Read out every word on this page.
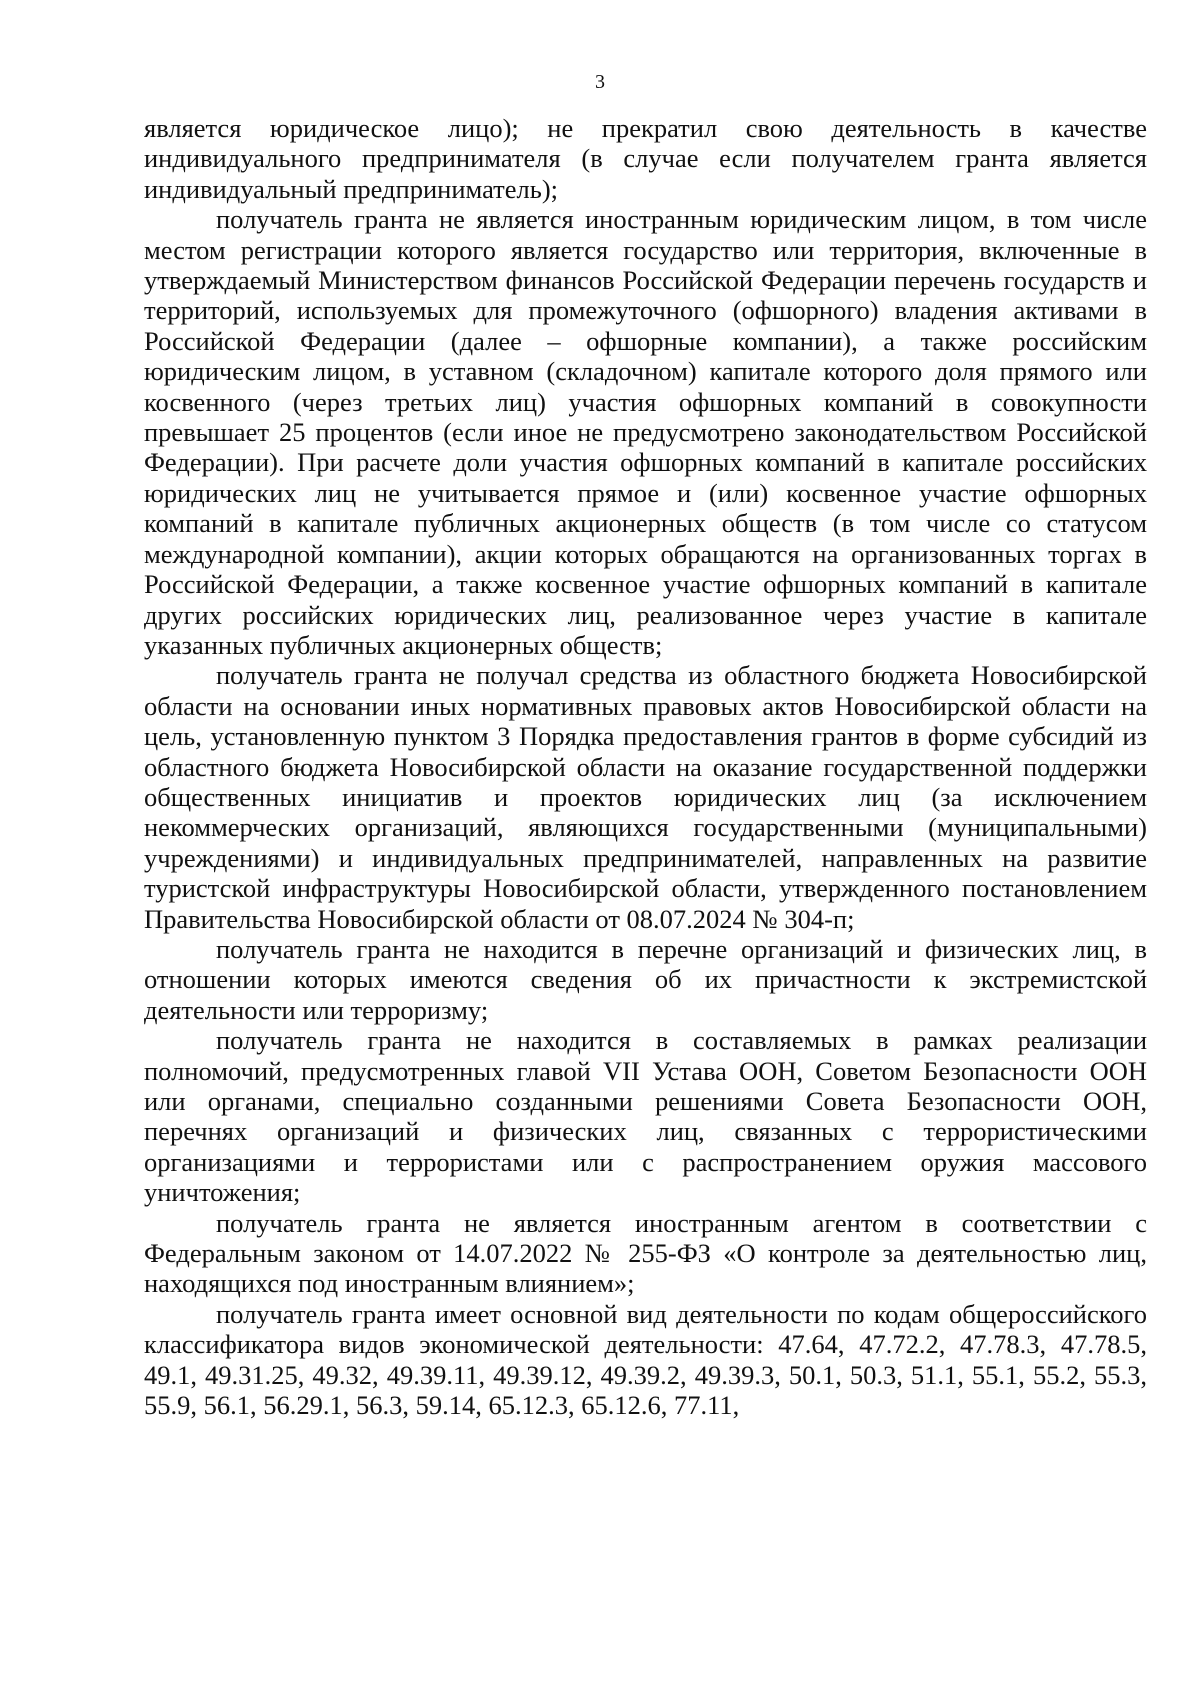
3

является юридическое лицо); не прекратил свою деятельность в качестве индивидуального предпринимателя (в случае если получателем гранта является индивидуальный предприниматель);

получатель гранта не является иностранным юридическим лицом, в том числе местом регистрации которого является государство или территория, включенные в утверждаемый Министерством финансов Российской Федерации перечень государств и территорий, используемых для промежуточного (офшорного) владения активами в Российской Федерации (далее – офшорные компании), а также российским юридическим лицом, в уставном (складочном) капитале которого доля прямого или косвенного (через третьих лиц) участия офшорных компаний в совокупности превышает 25 процентов (если иное не предусмотрено законодательством Российской Федерации). При расчете доли участия офшорных компаний в капитале российских юридических лиц не учитывается прямое и (или) косвенное участие офшорных компаний в капитале публичных акционерных обществ (в том числе со статусом международной компании), акции которых обращаются на организованных торгах в Российской Федерации, а также косвенное участие офшорных компаний в капитале других российских юридических лиц, реализованное через участие в капитале указанных публичных акционерных обществ;

получатель гранта не получал средства из областного бюджета Новосибирской области на основании иных нормативных правовых актов Новосибирской области на цель, установленную пунктом 3 Порядка предоставления грантов в форме субсидий из областного бюджета Новосибирской области на оказание государственной поддержки общественных инициатив и проектов юридических лиц (за исключением некоммерческих организаций, являющихся государственными (муниципальными) учреждениями) и индивидуальных предпринимателей, направленных на развитие туристской инфраструктуры Новосибирской области, утвержденного постановлением Правительства Новосибирской области от 08.07.2024 № 304-п;

получатель гранта не находится в перечне организаций и физических лиц, в отношении которых имеются сведения об их причастности к экстремистской деятельности или терроризму;

получатель гранта не находится в составляемых в рамках реализации полномочий, предусмотренных главой VII Устава ООН, Советом Безопасности ООН или органами, специально созданными решениями Совета Безопасности ООН, перечнях организаций и физических лиц, связанных с террористическими организациями и террористами или с распространением оружия массового уничтожения;

получатель гранта не является иностранным агентом в соответствии с Федеральным законом от 14.07.2022 № 255-ФЗ «О контроле за деятельностью лиц, находящихся под иностранным влиянием»;

получатель гранта имеет основной вид деятельности по кодам общероссийского классификатора видов экономической деятельности: 47.64, 47.72.2, 47.78.3, 47.78.5, 49.1, 49.31.25, 49.32, 49.39.11, 49.39.12, 49.39.2, 49.39.3, 50.1, 50.3, 51.1, 55.1, 55.2, 55.3, 55.9, 56.1, 56.29.1, 56.3, 59.14, 65.12.3, 65.12.6, 77.11,
